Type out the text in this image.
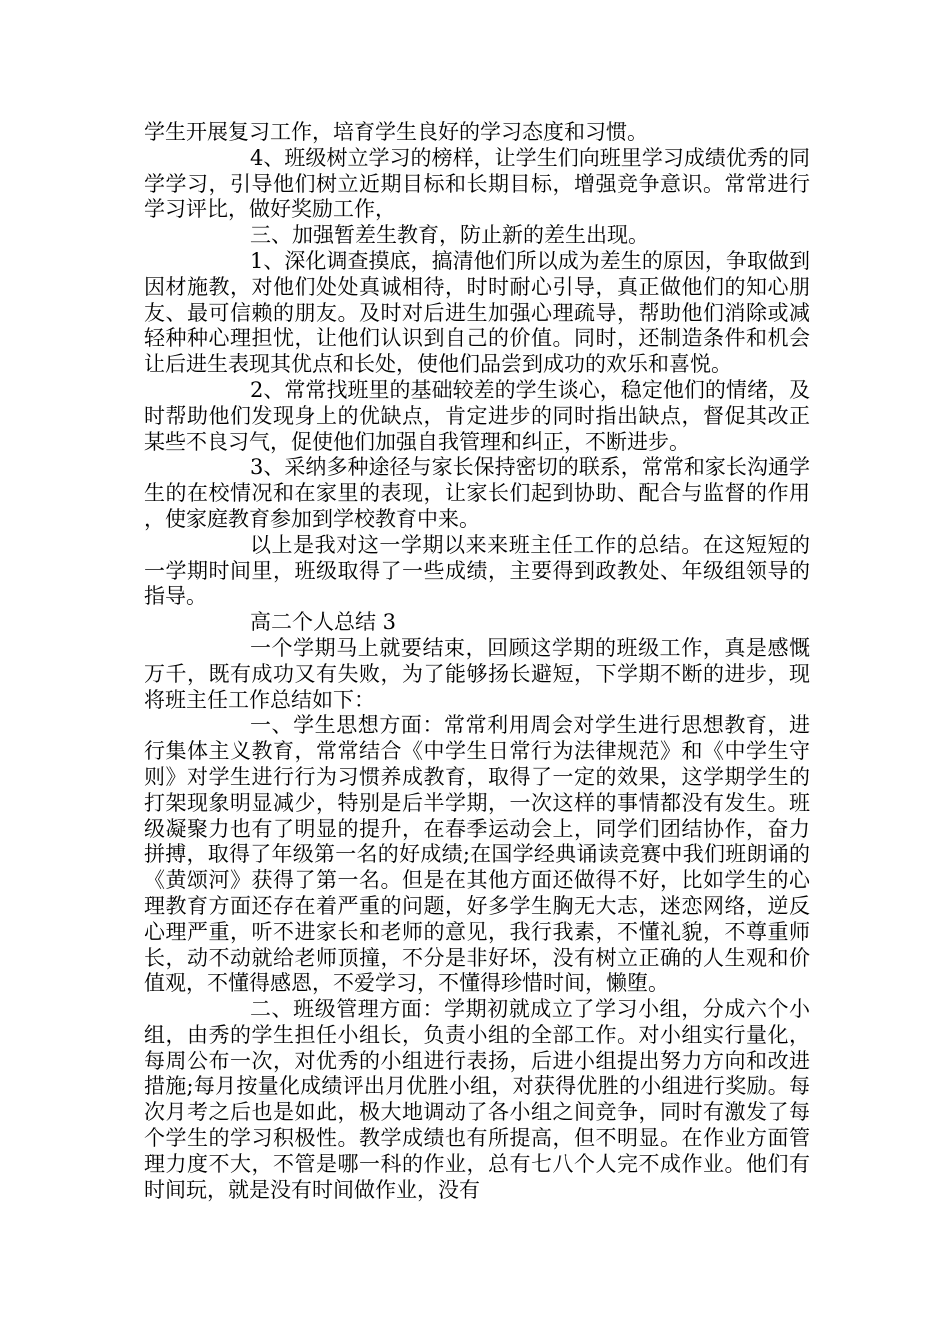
学生开展复习工作，培育学生良好的学习态度和习惯。

4、班级树立学习的榜样，让学生们向班里学习成绩优秀的同学学习，引导他们树立近期目标和长期目标，增强竞争意识。常常进行学习评比，做好奖励工作，

三、加强暂差生教育，防止新的差生出现。

1、深化调查摸底，搞清他们所以成为差生的原因，争取做到因材施教，对他们处处真诚相待，时时耐心引导，真正做他们的知心朋友、最可信赖的朋友。及时对后进生加强心理疏导，帮助他们消除或减轻种种心理担忧，让他们认识到自己的价值。同时，还制造条件和机会让后进生表现其优点和长处，使他们品尝到成功的欢乐和喜悦。

2、常常找班里的基础较差的学生谈心，稳定他们的情绪，及时帮助他们发现身上的优缺点，肯定进步的同时指出缺点，督促其改正某些不良习气，促使他们加强自我管理和纠正，不断进步。

3、采纳多种途径与家长保持密切的联系，常常和家长沟通学生的在校情况和在家里的表现，让家长们起到协助、配合与监督的作用，使家庭教育参加到学校教育中来。

以上是我对这一学期以来来班主任工作的总结。在这短短的一学期时间里，班级取得了一些成绩，主要得到政教处、年级组领导的指导。

高二个人总结 3

一个学期马上就要结束，回顾这学期的班级工作，真是感慨万千，既有成功又有失败，为了能够扬长避短，下学期不断的进步，现将班主任工作总结如下：

一、学生思想方面：常常利用周会对学生进行思想教育，进行集体主义教育，常常结合《中学生日常行为法律规范》和《中学生守则》对学生进行行为习惯养成教育，取得了一定的效果，这学期学生的打架现象明显减少，特别是后半学期，一次这样的事情都没有发生。班级凝聚力也有了明显的提升，在春季运动会上，同学们团结协作，奋力拼搏，取得了年级第一名的好成绩;在国学经典诵读竞赛中我们班朗诵的《黄颂河》获得了第一名。但是在其他方面还做得不好，比如学生的心理教育方面还存在着严重的问题，好多学生胸无大志，迷恋网络，逆反心理严重，听不进家长和老师的意见，我行我素，不懂礼貌，不尊重师长，动不动就给老师顶撞，不分是非好坏，没有树立正确的人生观和价值观，不懂得感恩，不爱学习，不懂得珍惜时间，懒堕。

二、班级管理方面：学期初就成立了学习小组，分成六个小组，由秀的学生担任小组长，负责小组的全部工作。对小组实行量化，每周公布一次，对优秀的小组进行表扬，后进小组提出努力方向和改进措施;每月按量化成绩评出月优胜小组，对获得优胜的小组进行奖励。每次月考之后也是如此，极大地调动了各小组之间竞争，同时有激发了每个学生的学习积极性。教学成绩也有所提高，但不明显。在作业方面管理力度不大，不管是哪一科的作业，总有七八个人完不成作业。他们有时间玩，就是没有时间做作业，没有
